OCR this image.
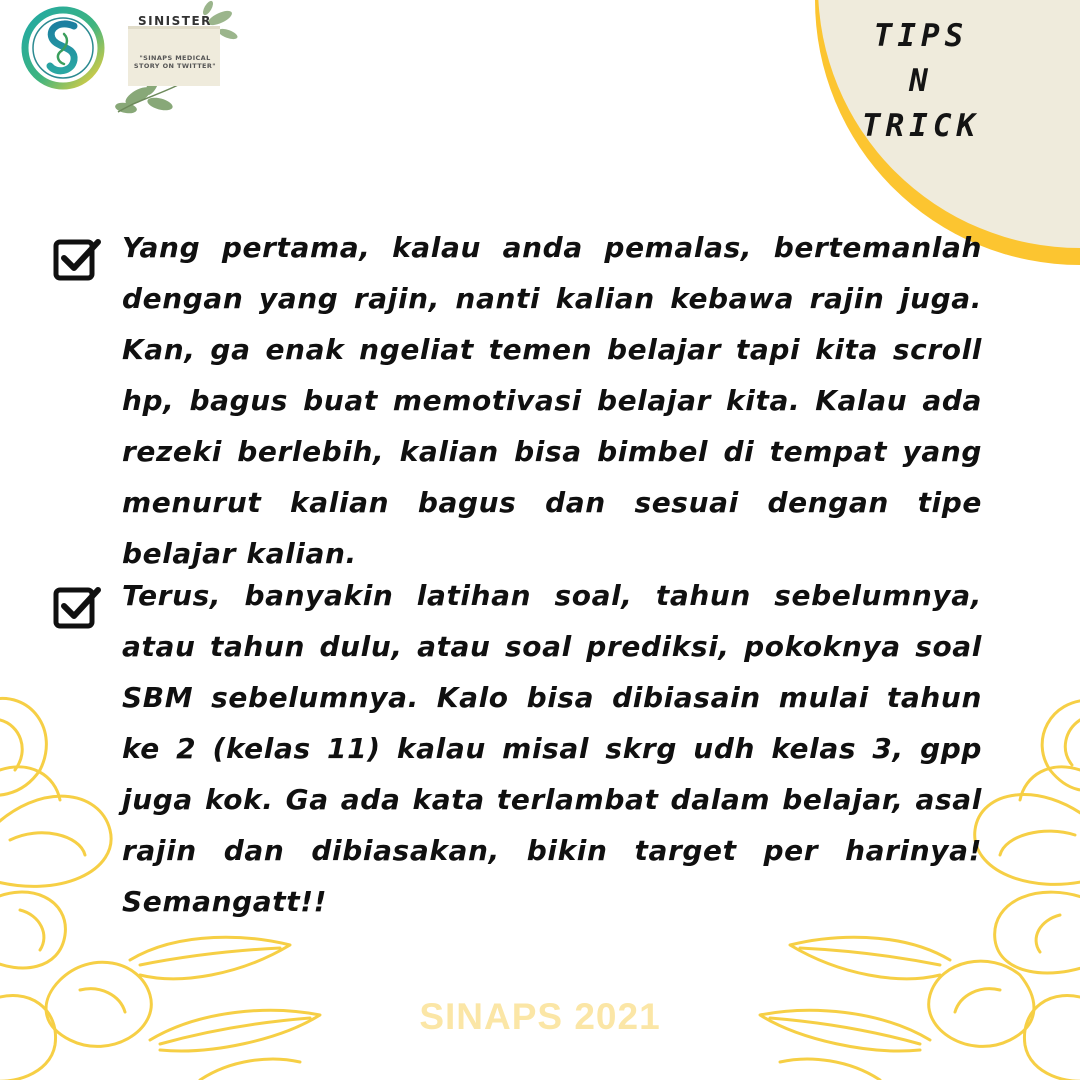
SINISTER
"SINAPS MEDICAL STORY ON TWITTER"
TIPS
N
TRICK
Yang pertama, kalau anda pemalas, bertemanlah dengan yang rajin, nanti kalian kebawa rajin juga. Kan, ga enak ngeliat temen belajar tapi kita scroll hp, bagus buat memotivasi belajar kita. Kalau ada rezeki berlebih, kalian bisa bimbel di tempat yang menurut kalian bagus dan sesuai dengan tipe belajar kalian.
Terus, banyakin latihan soal, tahun sebelumnya, atau tahun dulu, atau soal prediksi, pokoknya soal SBM sebelumnya. Kalo bisa dibiasain mulai tahun ke 2 (kelas 11) kalau misal skrg udh kelas 3, gpp juga kok. Ga ada kata terlambat dalam belajar, asal rajin dan dibiasakan, bikin target per harinya! Semangatt!!
SINAPS 2021
